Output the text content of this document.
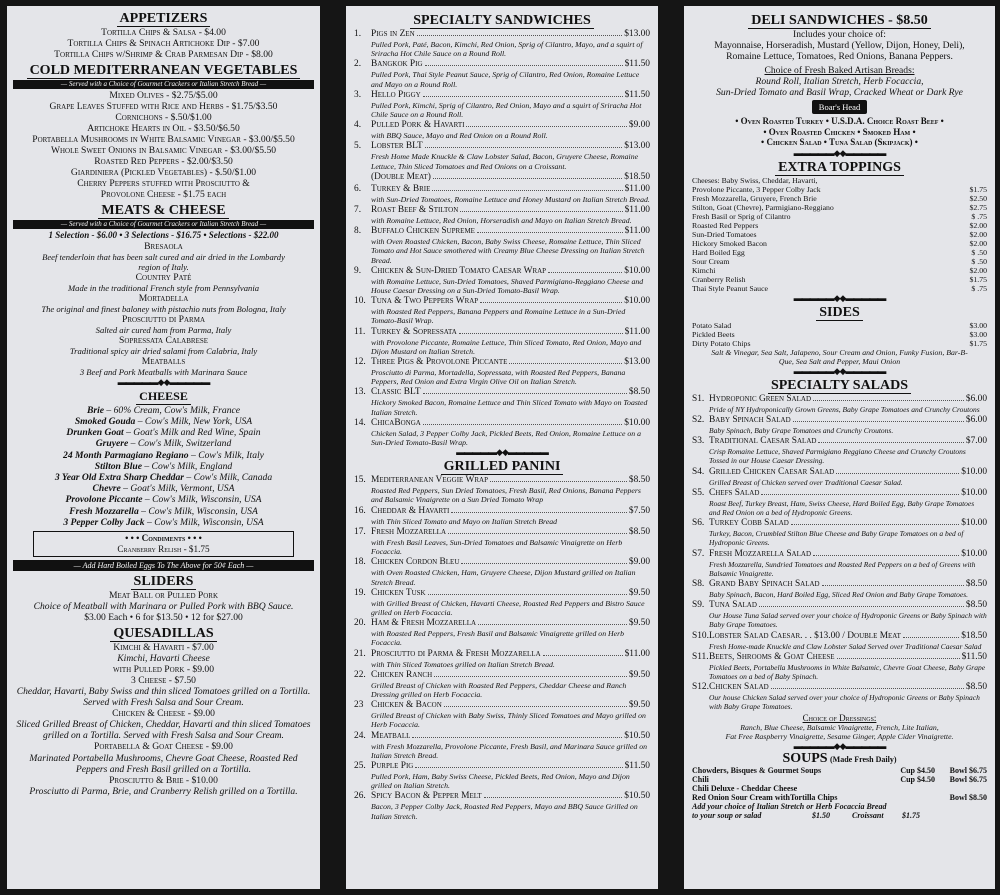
APPETIZERS
Tortilla Chips & Salsa - $4.00
Tortilla Chips & Spinach Artichoke Dip - $7.00
Tortilla Chips w/Shrimp & Crab Parmesan Dip - $8.00
COLD MEDITERRANEAN VEGETABLES
— Served with a Choice of Gourmet Crackers or Italian Stretch Bread —
Mixed Olives - $2.75/$5.00
Grape Leaves Stuffed with Rice and Herbs - $1.75/$3.50
Cornichons - $.50/$1.00
Artichoke Hearts in Oil - $3.50/$6.50
Portabella Mushrooms in White Balsamic Vinegar - $3.00/$5.50
Whole Sweet Onions in Balsamic Vinegar - $3.00/$5.50
Roasted Red Peppers - $2.00/$3.50
Giardiniera (Pickled Vegetables) - $.50/$1.00
Cherry Peppers stuffed with Prosciutto &
Provolone Cheese - $1.75 each
MEATS & CHEESE
— Served with a Choice of Gourmet Crackers or Italian Stretch Bread —
1 Selection - $6.00 • 3 Selections - $16.75 • Selections - $22.00
Bresaola
Beef tenderloin that has been salt cured and air dried in the Lombardy region of Italy.
Country Paté
Made in the traditional French style from Pennsylvania
Mortadella
The original and finest baloney with pistachio nuts from Bologna, Italy
Prosciutto di Parma
Salted air cured ham from Parma, Italy
Sopressata Calabrese
Traditional spicy air dried salami from Calabria, Italy
Meatballs
3 Beef and Pork Meatballs with Marinara Sauce
▬▬▬▬▬◆◆▬▬▬▬▬
CHEESE
Brie – 60% Cream, Cow's Milk, France
Smoked Gouda – Cow's Milk, New York, USA
Drunken Goat – Goat's Milk and Red Wine, Spain
Gruyere – Cow's Milk, Switzerland
24 Month Parmagiano Regiano – Cow's Milk, Italy
Stilton Blue – Cow's Milk, England
3 Year Old Extra Sharp Cheddar – Cow's Milk, Canada
Chevre – Goat's Milk, Vermont, USA
Provolone Piccante – Cow's Milk, Wisconsin, USA
Fresh Mozzarella – Cow's Milk, Wisconsin, USA
3 Pepper Colby Jack – Cow's Milk, Wisconsin, USA
• • • Condiments • • •
Cranberry Relish - $1.75
— Add Hard Boiled Eggs To The Above for 50¢ Each —
SLIDERS
Meat Ball or Pulled Pork
Choice of Meatball with Marinara or Pulled Pork with BBQ Sauce.
$3.00 Each • 6 for $13.50 • 12 for $27.00
QUESADILLAS
Kimchi & Havarti - $7.00
Kimchi, Havarti Cheese
with Pulled Pork - $9.00
3 Cheese - $7.50
Cheddar, Havarti, Baby Swiss and thin sliced Tomatoes grilled on a Tortilla. Served with Fresh Salsa and Sour Cream.
Chicken & Cheese - $9.00
Sliced Grilled Breast of Chicken, Cheddar, Havarti and thin sliced Tomatoes grilled on a Tortilla. Served with Fresh Salsa and Sour Cream.
Portabella & Goat Cheese - $9.00
Marinated Portabella Mushrooms, Chevre Goat Cheese, Roasted Red Peppers and Fresh Basil grilled on a Tortilla.
Prosciutto & Brie - $10.00
Prosciutto di Parma, Brie, and Cranberry Relish grilled on a Tortilla.
SPECIALTY SANDWICHES
1.	Pigs in Zen	$13.00
Pulled Pork, Paté, Bacon, Kimchi, Red Onion, Sprig of Cilantro, Mayo, and a squirt of Sriracha Hot Chile Sauce on a Round Roll.
2.	Bangkok Pig	$11.50
Pulled Pork, Thai Style Peanut Sauce, Sprig of Cilantro, Red Onion, Romaine Lettuce and Mayo on a Round Roll.
3.	Hello Piggy	$11.50
Pulled Pork, Kimchi, Sprig of Cilantro, Red Onion, Mayo and a squirt of Sriracha Hot Chile Sauce on a Round Roll.
4.	Pulled Pork & Havarti	$9.00
with BBQ Sauce, Mayo and Red Onion on a Round Roll.
5.	Lobster BLT	$13.00
Fresh Home Made Knuckle & Claw Lobster Salad, Bacon, Gruyere Cheese, Romaine Lettuce, Thin Sliced Tomatoes and Red Onions on a Croissant.
(Double Meat)	$18.50
6.	Turkey & Brie	$11.00
with Sun-Dried Tomatoes, Romaine Lettuce and Honey Mustard on Italian Stretch Bread.
7.	Roast Beef & Stilton	$11.00
with Romaine Lettuce, Red Onion, Horseradish and Mayo on Italian Stretch Bread.
8.	Buffalo Chicken Supreme	$11.00
with Oven Roasted Chicken, Bacon, Baby Swiss Cheese, Romaine Lettuce, Thin Sliced Tomato and Hot Sauce smothered with Creamy Blue Cheese Dressing on Italian Stretch Bread.
9.	Chicken & Sun-Dried Tomato Caesar Wrap	$10.00
with Romaine Lettuce, Sun-Dried Tomatoes, Shaved Parmigiano-Reggiano Cheese and House Caesar Dressing on a Sun-Dried Tomato-Basil Wrap.
10. Tuna & Two Peppers Wrap	$10.00
with Roasted Red Peppers, Banana Peppers and Romaine Lettuce in a Sun-Dried Tomato-Basil Wrap.
11. Turkey & Sopressata	$11.00
with Provolone Piccante, Romaine Lettuce, Thin Sliced Tomato, Red Onion, Mayo and Dijon Mustard on Italian Stretch.
12. Three Pigs & Provolone Piccante	$13.00
Prosciutto di Parma, Mortadella, Sopressata, with Roasted Red Peppers, Banana Peppers, Red Onion and Extra Virgin Olive Oil on Italian Stretch.
13. Classic BLT	$8.50
Hickory Smoked Bacon, Romaine Lettuce and Thin Sliced Tomato with Mayo on Toasted Italian Stretch.
14. ChicaBonga	$10.00
Chicken Salad, 3 Pepper Colby Jack, Pickled Beets, Red Onion, Romaine Lettuce on a Sun-Dried Tomato-Basil Wrap.
▬▬▬▬▬◆◆▬▬▬▬▬
GRILLED PANINI
15. Mediterranean Veggie Wrap	$8.50
Roasted Red Peppers, Sun Dried Tomatoes, Fresh Basil, Red Onions, Banana Peppers and Balsamic Vinaigrette on a Sun Dried Tomato Wrap
16. Cheddar & Havarti	$7.50
with Thin Sliced Tomato and Mayo on Italian Stretch Bread
17. Fresh Mozzarella	$8.50
with Fresh Basil Leaves, Sun-Dried Tomatoes and Balsamic Vinaigrette on Herb Focaccia.
18. Chicken Cordon Bleu	$9.00
with Oven Roasted Chicken, Ham, Gruyere Cheese, Dijon Mustard grilled on Italian Stretch Bread.
19. Chicken Tusk	$9.50
with Grilled Breast of Chicken, Havarti Cheese, Roasted Red Peppers and Bistro Sauce grilled on Herb Focaccia.
20. Ham & Fresh Mozzarella	$9.50
with Roasted Red Peppers, Fresh Basil and Balsamic Vinaigrette grilled on Herb Focaccia.
21. Prosciutto di Parma & Fresh Mozzarella	$11.00
with Thin Sliced Tomatoes grilled on Italian Stretch Bread.
22. Chicken Ranch	$9.50
Grilled Breast of Chicken with Roasted Red Peppers, Cheddar Cheese and Ranch Dressing grilled on Herb Focaccia.
23 Chicken & Bacon	$9.50
Grilled Breast of Chicken with Baby Swiss, Thinly Sliced Tomatoes and Mayo grilled on Herb Focaccia.
24. Meatball	$10.50
with Fresh Mozzarella, Provolone Piccante, Fresh Basil, and Marinara Sauce grilled on Italian Stretch Bread.
25. Purple Pig	$11.50
Pulled Pork, Ham, Baby Swiss Cheese, Pickled Beets, Red Onion, Mayo and Dijon grilled on Italian Stretch.
26. Spicy Bacon & Pepper Melt	$10.50
Bacon, 3 Pepper Colby Jack, Roasted Red Peppers, Mayo and BBQ Sauce Grilled on Italian Stretch.
DELI SANDWICHES - $8.50
Includes your choice of:
Mayonnaise, Horseradish, Mustard (Yellow, Dijon, Honey, Deli),
Romaine Lettuce, Tomatoes, Red Onions, Banana Peppers.
Choice of Fresh Baked Artisan Breads:
Round Roll, Italian Stretch, Herb Focaccia,
Sun-Dried Tomato and Basil Wrap, Cracked Wheat or Dark Rye
Boar's Head
• Oven Roasted Turkey • U.S.D.A. Choice Roast Beef •
• Oven Roasted Chicken • Smoked Ham •
• Chicken Salad • Tuna Salad (Skipjack) •
▬▬▬▬▬◆◆▬▬▬▬▬
EXTRA TOPPINGS
Cheeses: Baby Swiss, Cheddar, Havarti,
Provolone Piccante, 3 Pepper Colby Jack	$1.75
Fresh Mozzarella, Gruyere, French Brie	$2.50
Stilton, Goat (Chevre), Parmigiano-Reggiano	$2.75
Fresh Basil or Sprig of Cilantro	$ .75
Roasted Red Peppers	$2.00
Sun-Dried Tomatoes	$2.00
Hickory Smoked Bacon	$2.00
Hard Boiled Egg	$ .50
Sour Cream	$ .50
Kimchi	$2.00
Cranberry Relish	$1.75
Thai Style Peanut Sauce	$ .75
▬▬▬▬▬◆◆▬▬▬▬▬
SIDES
Potato Salad	$3.00
Pickled Beets	$3.00
Dirty Potato Chips	$1.75
Salt & Vinegar, Sea Salt, Jalapeno, Sour Cream and Onion, Funky Fusion, Bar-B-Que, Sea Salt and Pepper, Maui Onion
▬▬▬▬▬◆◆▬▬▬▬▬
SPECIALTY SALADS
S1. Hydroponic Green Salad	$6.00
Pride of NY Hydroponically Grown Greens, Baby Grape Tomatoes and Crunchy Croutons
S2. Baby Spinach Salad	$6.00
Baby Spinach, Baby Grape Tomatoes and Crunchy Croutons.
S3. Traditional Caesar Salad	$7.00
Crisp Romaine Lettuce, Shaved Parmigiano Reggiano Cheese and Crunchy Croutons Tossed in our House Caesar Dressing.
S4. Grilled Chicken Caesar Salad	$10.00
Grilled Breast of Chicken served over Traditional Caesar Salad.
S5. Chefs Salad	$10.00
Roast Beef, Turkey Breast, Ham, Swiss Cheese, Hard Boiled Egg, Baby Grape Tomatoes and Red Onion on a bed of Hydroponic Greens.
S6. Turkey Cobb Salad	$10.00
Turkey, Bacon, Crumbled Stilton Blue Cheese and Baby Grape Tomatoes on a bed of Hydroponic Greens.
S7. Fresh Mozzarella Salad	$10.00
Fresh Mozzarella, Sundried Tomatoes and Roasted Red Peppers on a bed of Greens with Balsamic Vinaigrette.
S8. Grand Baby Spinach Salad	$8.50
Baby Spinach, Bacon, Hard Boiled Egg, Sliced Red Onion and Baby Grape Tomatoes.
S9. Tuna Salad	$8.50
Our House Tuna Salad served over your choice of Hydroponic Greens or Baby Spinach with Baby Grape Tomatoes.
S10. Lobster Salad Caesar. . . $13.00 / Double Meat	$18.50
Fresh Home-made Knuckle and Claw Lobster Salad Served over Traditional Caesar Salad
S11. Beets, Shrooms & Goat Cheese	$11.50
Pickled Beets, Portabella Mushrooms in White Balsamic, Chevre Goat Cheese, Baby Grape Tomatoes on a bed of Baby Spinach.
S12. Chicken Salad	$8.50
Our house Chicken Salad served over your choice of Hydroponic Greens or Baby Spinach with Baby Grape Tomatoes.
Choice of Dressings:
Ranch, Blue Cheese, Balsamic Vinaigrette, French, Lite Italian,
Fat Free Raspberry Vinaigrette, Sesame Ginger, Apple Cider Vinaigrette.
▬▬▬▬▬◆◆▬▬▬▬▬
SOUPS (Made Fresh Daily)
Chowders, Bisques & Gourmet Soups	Cup $4.50	Bowl $6.75
Chili	Cup $4.50	Bowl $6.75
Chili Deluxe - Cheddar Cheese
Red Onion Sour Cream withTortilla Chips	Bowl $8.50
Add your choice of Italian Stretch or Herb Focaccia Bread
to your soup or salad	$1.50	Croissant	$1.75
